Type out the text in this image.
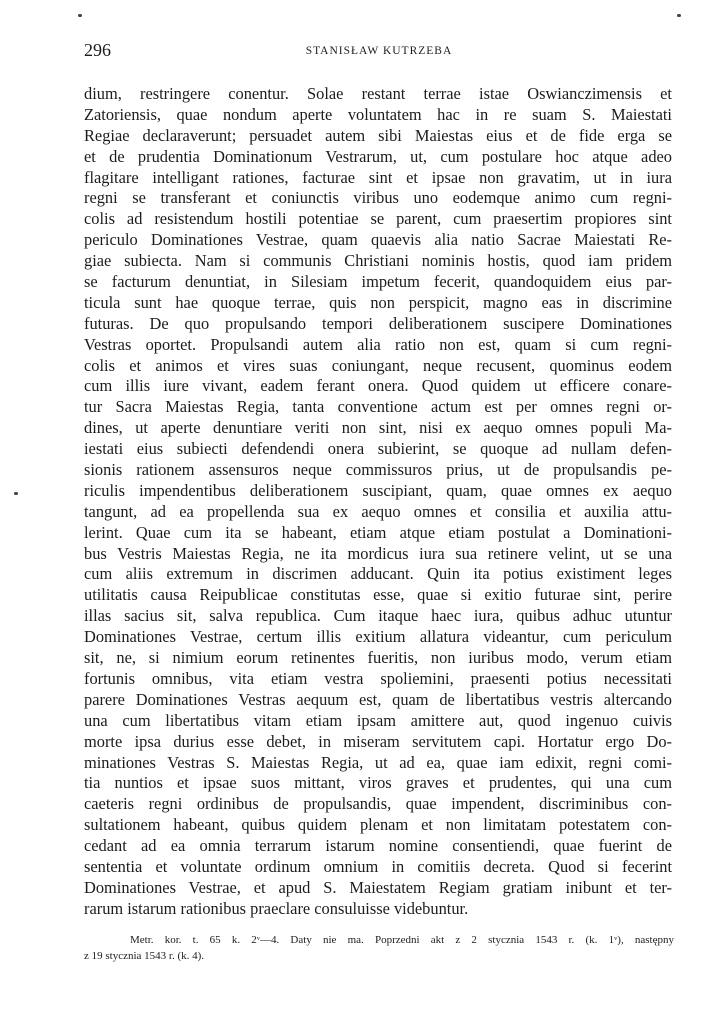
296	STANISŁAW KUTRZEBA
dium, restringere conentur. Solae restant terrae istae Oswianczimensis et
Zatoriensis, quae nondum aperte voluntatem hac in re suam S. Maiestati
Regiae declaraverunt; persuadet autem sibi Maiestas eius et de fide erga se
et de prudentia Dominationum Vestrarum, ut, cum postulare hoc atque adeo
flagitare intelligant rationes, facturae sint et ipsae non gravatim, ut in iura
regni se transferant et coniunctis viribus uno eodemque animo cum regni-
colis ad resistendum hostili potentiae se parent, cum praesertim propiores sint
periculo Dominationes Vestrae, quam quaevis alia natio Sacrae Maiestati Re-
giae subiecta. Nam si communis Christiani nominis hostis, quod iam pridem
se facturum denuntiat, in Silesiam impetum fecerit, quandoquidem eius par-
ticula sunt hae quoque terrae, quis non perspicit, magno eas in discrimine
futuras. De quo propulsando tempori deliberationem suscipere Dominationes
Vestras oportet. Propulsandi autem alia ratio non est, quam si cum regni-
colis et animos et vires suas coniungant, neque recusent, quominus eodem
cum illis iure vivant, eadem ferant onera. Quod quidem ut efficere conare-
tur Sacra Maiestas Regia, tanta conventione actum est per omnes regni or-
dines, ut aperte denuntiare veriti non sint, nisi ex aequo omnes populi Ma-
iestati eius subiecti defendendi onera subierint, se quoque ad nullam defen-
sionis rationem assensuros neque commissuros prius, ut de propulsandis pe-
riculis impendentibus deliberationem suscipiant, quam, quae omnes ex aequo
tangunt, ad ea propellenda sua ex aequo omnes et consilia et auxilia attu-
lerint. Quae cum ita se habeant, etiam atque etiam postulat a Dominationi-
bus Vestris Maiestas Regia, ne ita mordicus iura sua retinere velint, ut se una
cum aliis extremum in discrimen adducant. Quin ita potius existiment leges
utilitatis causa Reipublicae constitutas esse, quae si exitio futurae sint, perire
illas sacius sit, salva republica. Cum itaque haec iura, quibus adhuc utuntur
Dominationes Vestrae, certum illis exitium allatura videantur, cum periculum
sit, ne, si nimium eorum retinentes fueritis, non iuribus modo, verum etiam
fortunis omnibus, vita etiam vestra spoliemini, praesenti potius necessitati
parere Dominationes Vestras aequum est, quam de libertatibus vestris altercando
una cum libertatibus vitam etiam ipsam amittere aut, quod ingenuo cuivis
morte ipsa durius esse debet, in miseram servitutem capi. Hortatur ergo Do-
minationes Vestras S. Maiestas Regia, ut ad ea, quae iam edixit, regni comi-
tia nuntios et ipsae suos mittant, viros graves et prudentes, qui una cum
caeteris regni ordinibus de propulsandis, quae impendent, discriminibus con-
sultationem habeant, quibus quidem plenam et non limitatam potestatem con-
cedant ad ea omnia terrarum istarum nomine consentiendi, quae fuerint de
sententia et voluntate ordinum omnium in comitiis decreta. Quod si fecerint
Dominationes Vestrae, et apud S. Maiestatem Regiam gratiam inibunt et ter-
rarum istarum rationibus praeclare consuluisse videbuntur.
Metr. kor. t. 65 k. 2ᵛ—4. Daty nie ma. Poprzedni akt z 2 stycznia 1543 r. (k. 1ᵛ), następny
z 19 stycznia 1543 r. (k. 4).
